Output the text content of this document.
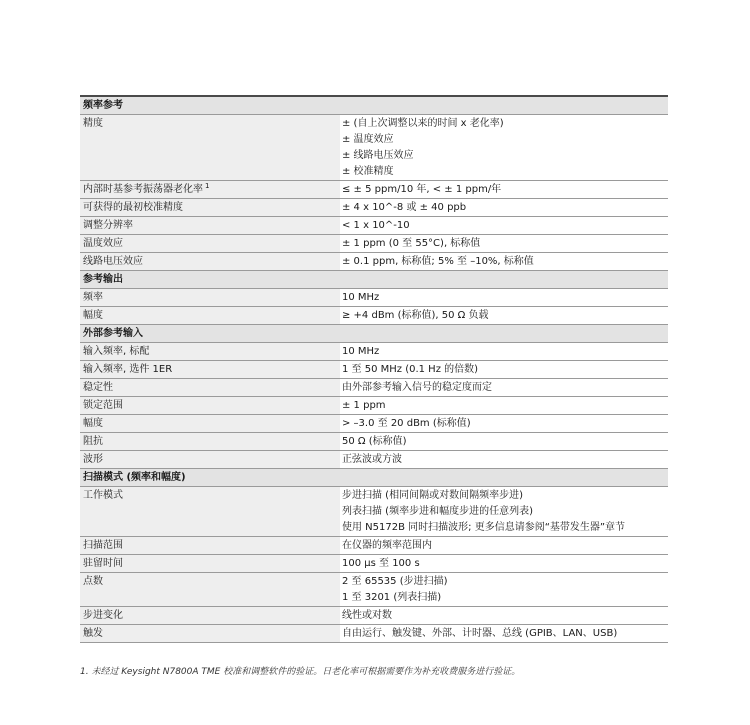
频率参考	
精度	± (自上次调整以来的时间 x 老化率)
± 温度效应
± 线路电压效应
± 校准精度

内部时基参考振荡器老化率 $^1$	≤ ± 5 ppm/10 年, < ± 1 ppm/年

可获得的最初校准精度	± 4 x 10^-8 或 ± 40 ppb

调整分辨率	< 1 x 10^-10

温度效应	± 1 ppm (0 至 55°C), 标称值

线路电压效应	± 0.1 ppm, 标称值; 5% 至 –10%, 标称值

参考输出	
频率	10 MHz

幅度	≥ +4 dBm (标称值), 50 Ω 负载

外部参考输入	
输入频率, 标配	10 MHz

输入频率, 选件 1ER	1 至 50 MHz (0.1 Hz 的倍数)

稳定性	由外部参考输入信号的稳定度而定

锁定范围	± 1 ppm

幅度	> –3.0 至 20 dBm (标称值)

阻抗	50 Ω (标称值)

波形	正弦波或方波

扫描模式 (频率和幅度)	
工作模式	步进扫描 (相同间隔或对数间隔频率步进)
列表扫描 (频率步进和幅度步进的任意列表)
使用 N5172B 同时扫描波形; 更多信息请参阅“基带发生器”章节

扫描范围	在仪器的频率范围内

驻留时间	100 μs 至 100 s

点数	2 至 65535 (步进扫描)
1 至 3201 (列表扫描)

步进变化	线性或对数

触发	自由运行、触发键、外部、计时器、总线 (GPIB、LAN、USB)
1. 未经过 Keysight N7800A TME 校准和调整软件的验证。日老化率可根据需要作为补充收费服务进行验证。
